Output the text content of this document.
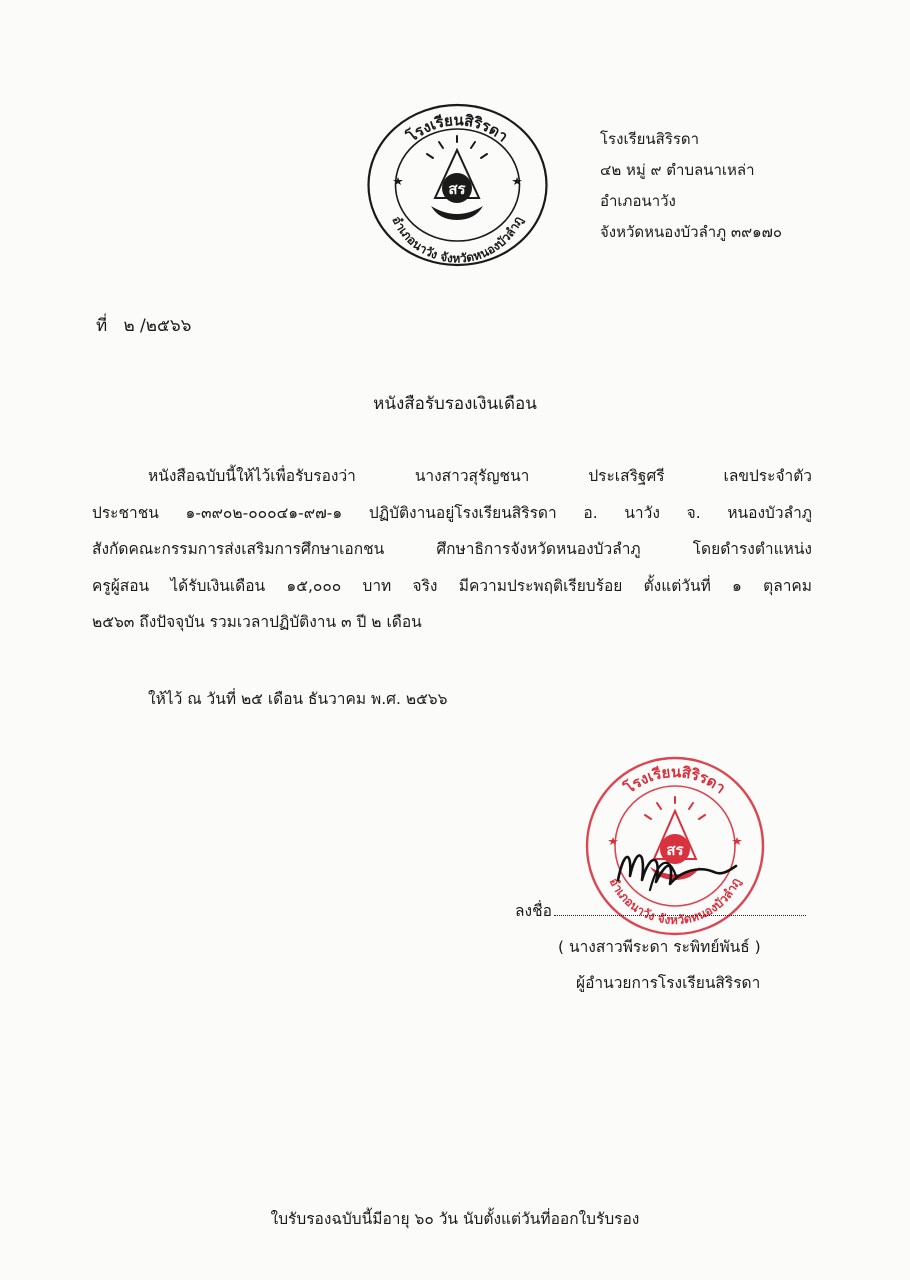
โรงเรียนสิริรดา
อำเภอนาวัง จังหวัดหนองบัวลำภู
สร
โรงเรียนสิริรดา
๔๒ หมู่ ๙ ตำบลนาเหล่า
อำเภอนาวัง
จังหวัดหนองบัวลำภู ๓๙๑๗๐
ที่ ๒ /๒๕๖๖
หนังสือรับรองเงินเดือน
หนังสือฉบับนี้ให้ไว้เพื่อรับรองว่า นางสาวสุรัญชนา ประเสริฐศรี เลขประจำตัว
ประชาชน ๑-๓๙๐๒-๐๐๐๔๑-๙๗-๑ ปฏิบัติงานอยู่โรงเรียนสิริรดา อ. นาวัง จ. หนองบัวลำภู
สังกัดคณะกรรมการส่งเสริมการศึกษาเอกชน ศึกษาธิการจังหวัดหนองบัวลำภู โดยดำรงตำแหน่ง
ครูผู้สอน ได้รับเงินเดือน ๑๕,๐๐๐ บาท จริง มีความประพฤติเรียบร้อย ตั้งแต่วันที่ ๑ ตุลาคม
๒๕๖๓ ถึงปัจจุบัน รวมเวลาปฏิบัติงาน ๓ ปี ๒ เดือน
ให้ไว้ ณ วันที่ ๒๕ เดือน ธันวาคม พ.ศ. ๒๕๖๖
โรงเรียนสิริรดา
อำเภอนาวัง จังหวัดหนองบัวลำภู
สร
ลงชื่อ
( นางสาวพีระดา ระพิทย์พันธ์ )
ผู้อำนวยการโรงเรียนสิริรดา
ใบรับรองฉบับนี้มีอายุ ๖๐ วัน นับตั้งแต่วันที่ออกใบรับรอง
